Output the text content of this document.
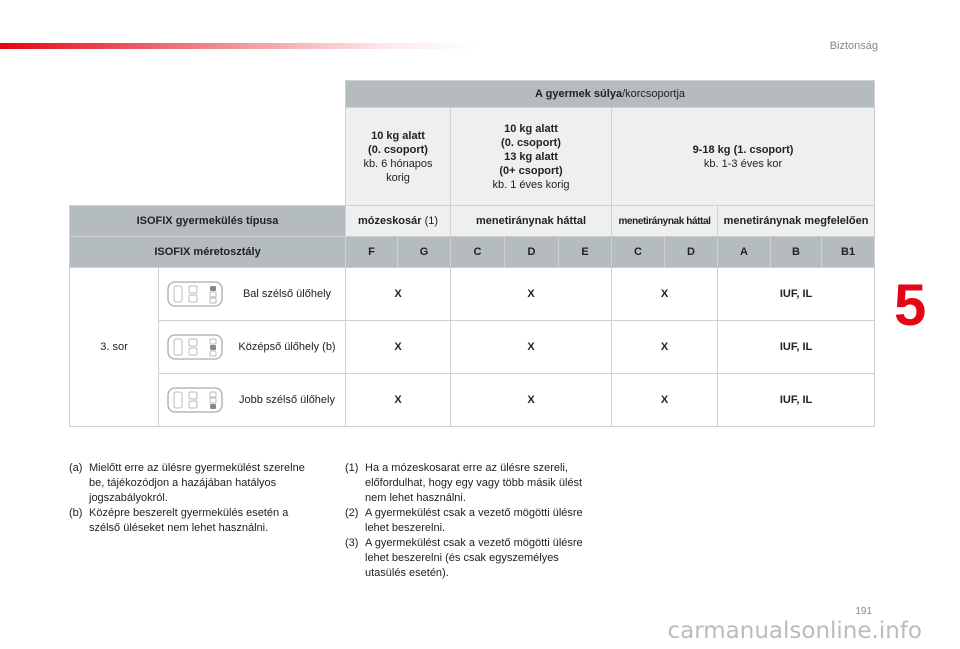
Biztonság
5
		A gyermek súlya/korcsoportja									
		10 kg alatt
(0. csoport)
kb. 6 hónapos
korig		10 kg alatt
(0. csoport)
13 kg alatt
(0+ csoport)
kb. 1 éves korig			9-18 kg (1. csoport)
kb. 1-3 éves kor				
ISOFIX gyermekülés típusa		mózeskosár (1)		menetiránynak háttal			menetiránynak háttal		menetiránynak megfelelően		
ISOFIX méretosztály		F	G	C	D	E	C	D	A	B	B1
3. sor	Bal szélső ülőhely	X		X			X		IUF, IL		

	Középső ülőhely (b)	X		X			X		IUF, IL		

	Jobb szélső ülőhely	X		X			X		IUF, IL		
(a) Mielőtt erre az ülésre gyermekülést szerelne be, tájékozódjon a hazájában hatályos jogszabályokról.
(b) Középre beszerelt gyermekülés esetén a szélső üléseket nem lehet használni.
(1) Ha a mózeskosarat erre az ülésre szereli, előfordulhat, hogy egy vagy több másik ülést nem lehet használni.
(2) A gyermekülést csak a vezető mögötti ülésre lehet beszerelni.
(3) A gyermekülést csak a vezető mögötti ülésre lehet beszerelni (és csak egyszemélyes utasülés esetén).
191
carmanualsonline.info
